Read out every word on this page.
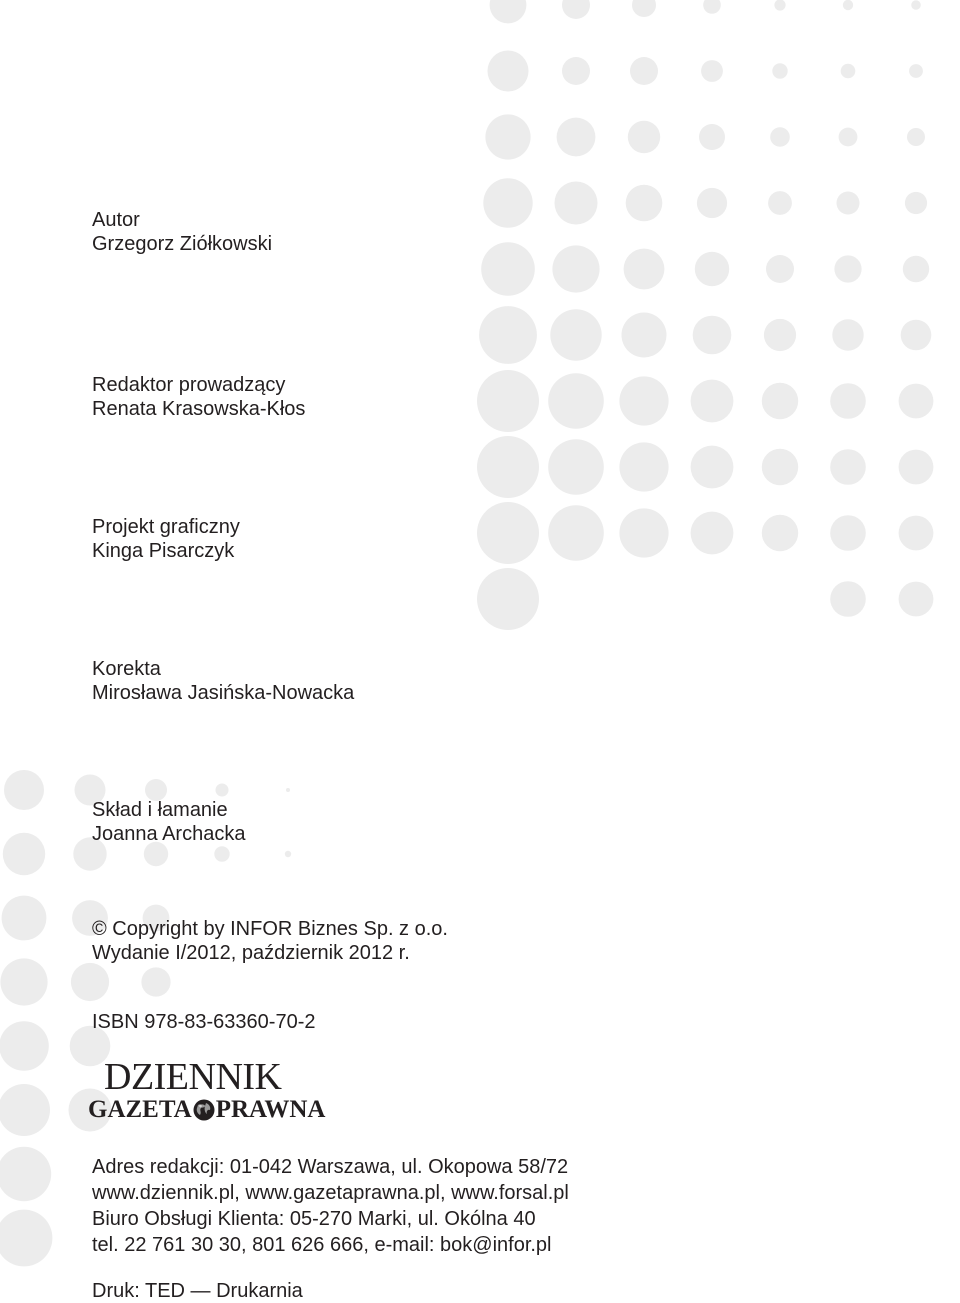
Autor

Grzegorz Ziółkowski

Redaktor prowadzący

Renata Krasowska-Kłos

Projekt graficzny

Kinga Pisarczyk

Korekta

Mirosława Jasińska-Nowacka

Skład i łamanie

Joanna Archacka

© Copyright by INFOR Biznes Sp. z o.o.

Wydanie I/2012, październik 2012 r.

ISBN 978-83-63360-70-2

DZIENNIK
GAZETA PRAWNA

Adres redakcji: 01-042 Warszawa, ul. Okopowa 58/72

www.dziennik.pl, www.gazetaprawna.pl, www.forsal.pl

Biuro Obsługi Klienta: 05-270 Marki, ul. Okólna 40

tel. 22 761 30 30, 801 626 666, e-mail: bok@infor.pl

Druk: TED — Drukarnia
